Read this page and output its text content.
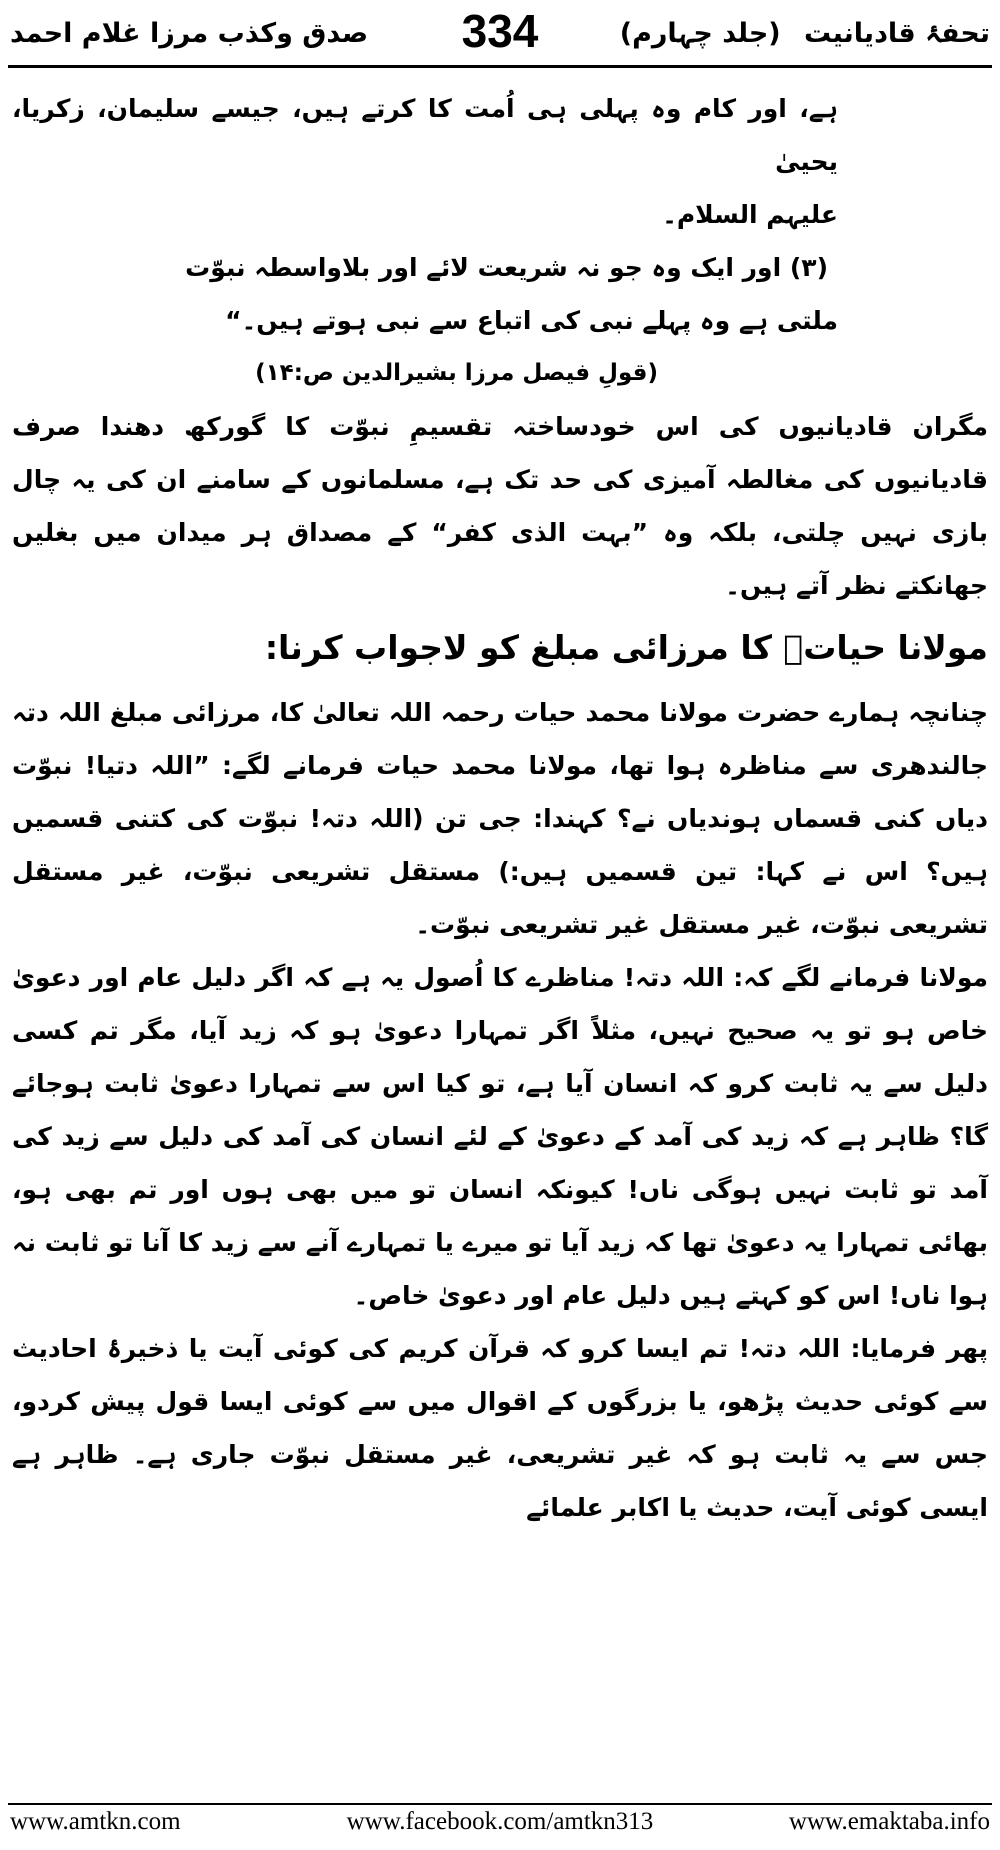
تحفۂ قادیانیت (جلد چہارم)
334
صدق وکذب مرزا غلام احمد

ہے، اور کام وہ پہلی ہی اُمت کا کرتے ہیں، جیسے سلیمان، زکریا، یحییٰ

علیہم السلام۔

(۳) اور ایک وہ جو نہ شریعت لائے اور بلاواسطہ نبوّت

ملتی ہے وہ پہلے نبی کی اتباع سے نبی ہوتے ہیں۔“

(قولِ فیصل مرزا بشیرالدین ص:۱۴)

مگران قادیانیوں کی اس خودساختہ تقسیمِ نبوّت کا گورکھ دھندا صرف قادیانیوں کی مغالطہ آمیزی کی حد تک ہے، مسلمانوں کے سامنے ان کی یہ چال بازی نہیں چلتی، بلکہ وہ ”بہت الذی کفر“ کے مصداق ہر میدان میں بغلیں جھانکتے نظر آتے ہیں۔

مولانا حیاتؒ کا مرزائی مبلغ کو لاجواب کرنا:

چنانچہ ہمارے حضرت مولانا محمد حیات رحمہ اللہ تعالیٰ کا، مرزائی مبلغ اللہ دتہ جالندھری سے مناظرہ ہوا تھا، مولانا محمد حیات فرمانے لگے: ”اللہ دتیا! نبوّت دیاں کنی قسماں ہوندیاں نے؟ کہندا: جی تن (اللہ دتہ! نبوّت کی کتنی قسمیں ہیں؟ اس نے کہا: تین قسمیں ہیں:) مستقل تشریعی نبوّت، غیر مستقل تشریعی نبوّت، غیر مستقل غیر تشریعی نبوّت۔

مولانا فرمانے لگے کہ: اللہ دتہ! مناظرے کا اُصول یہ ہے کہ اگر دلیل عام اور دعویٰ خاص ہو تو یہ صحیح نہیں، مثلاً اگر تمہارا دعویٰ ہو کہ زید آیا، مگر تم کسی دلیل سے یہ ثابت کرو کہ انسان آیا ہے، تو کیا اس سے تمہارا دعویٰ ثابت ہوجائے گا؟ ظاہر ہے کہ زید کی آمد کے دعویٰ کے لئے انسان کی آمد کی دلیل سے زید کی آمد تو ثابت نہیں ہوگی ناں! کیونکہ انسان تو میں بھی ہوں اور تم بھی ہو، بھائی تمہارا یہ دعویٰ تھا کہ زید آیا تو میرے یا تمہارے آنے سے زید کا آنا تو ثابت نہ ہوا ناں! اس کو کہتے ہیں دلیل عام اور دعویٰ خاص۔

پھر فرمایا: اللہ دتہ! تم ایسا کرو کہ قرآن کریم کی کوئی آیت یا ذخیرۂ احادیث سے کوئی حدیث پڑھو، یا بزرگوں کے اقوال میں سے کوئی ایسا قول پیش کردو، جس سے یہ ثابت ہو کہ غیر تشریعی، غیر مستقل نبوّت جاری ہے۔ ظاہر ہے ایسی کوئی آیت، حدیث یا اکابر علمائے

www.amtkn.com	www.facebook.com/amtkn313	www.emaktaba.info
